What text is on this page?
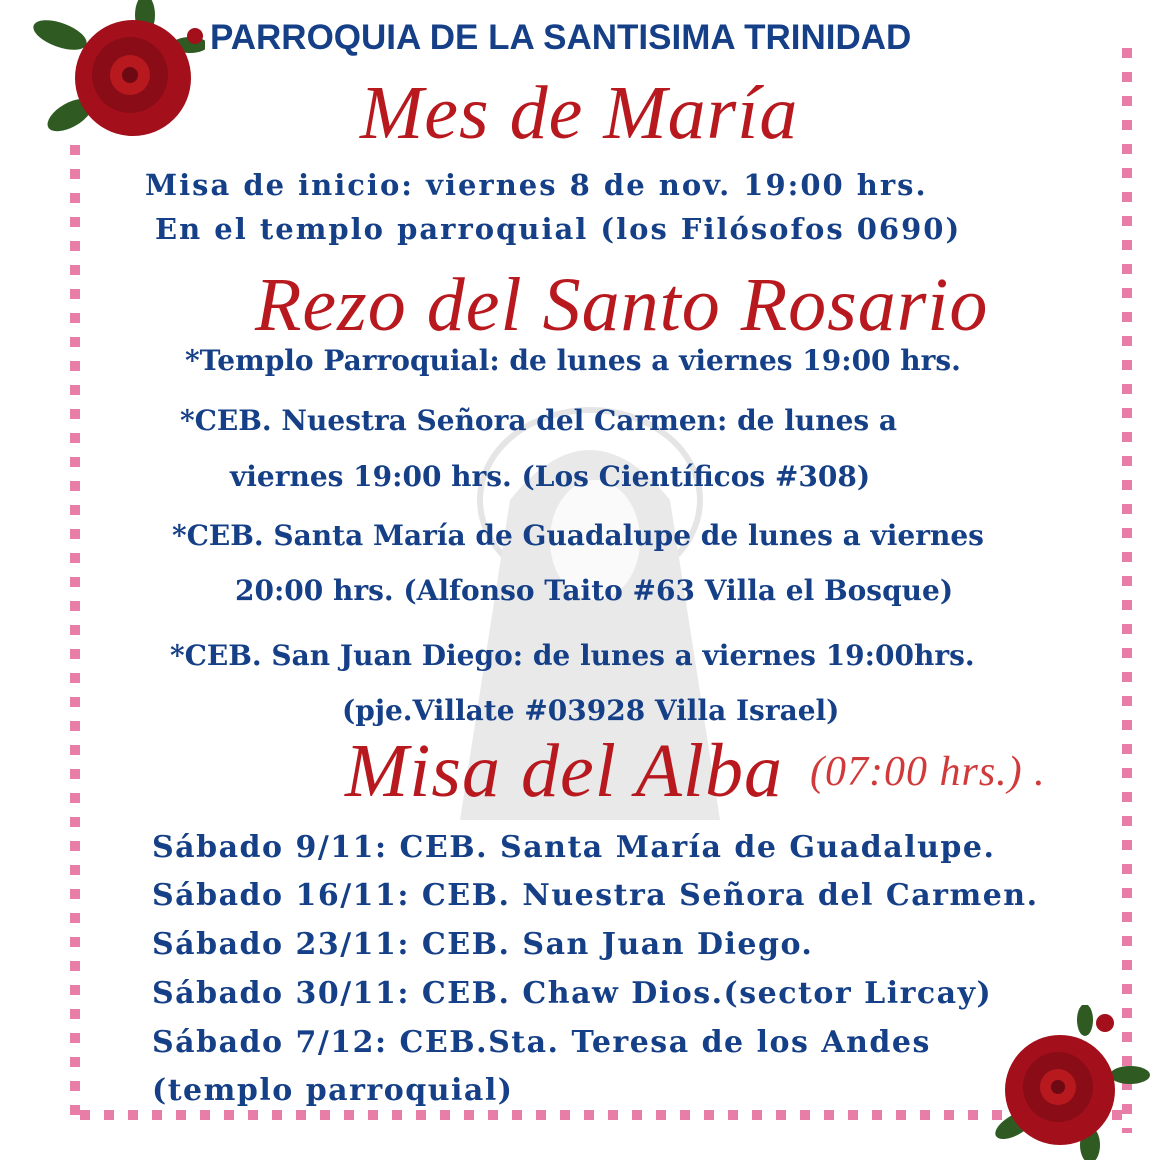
PARROQUIA DE LA SANTISIMA TRINIDAD
Mes de María
Misa de inicio: viernes 8 de nov. 19:00 hrs.
En el templo parroquial (los Filósofos 0690)
Rezo del Santo Rosario
*Templo Parroquial: de lunes a viernes 19:00 hrs.
*CEB. Nuestra Señora del Carmen: de lunes a
viernes 19:00 hrs. (Los Científicos #308)
*CEB. Santa María de Guadalupe de lunes a viernes
20:00 hrs. (Alfonso Taito #63 Villa el Bosque)
*CEB. San Juan Diego: de lunes a viernes 19:00hrs.
(pje.Villate #03928 Villa Israel)
Misa del Alba (07:00 hrs.) .
Sábado 9/11: CEB. Santa María de Guadalupe.
Sábado 16/11: CEB. Nuestra Señora del Carmen.
Sábado 23/11: CEB. San Juan Diego.
Sábado 30/11: CEB. Chaw Dios.(sector Lircay)
Sábado 7/12: CEB.Sta. Teresa de los Andes
(templo parroquial)
